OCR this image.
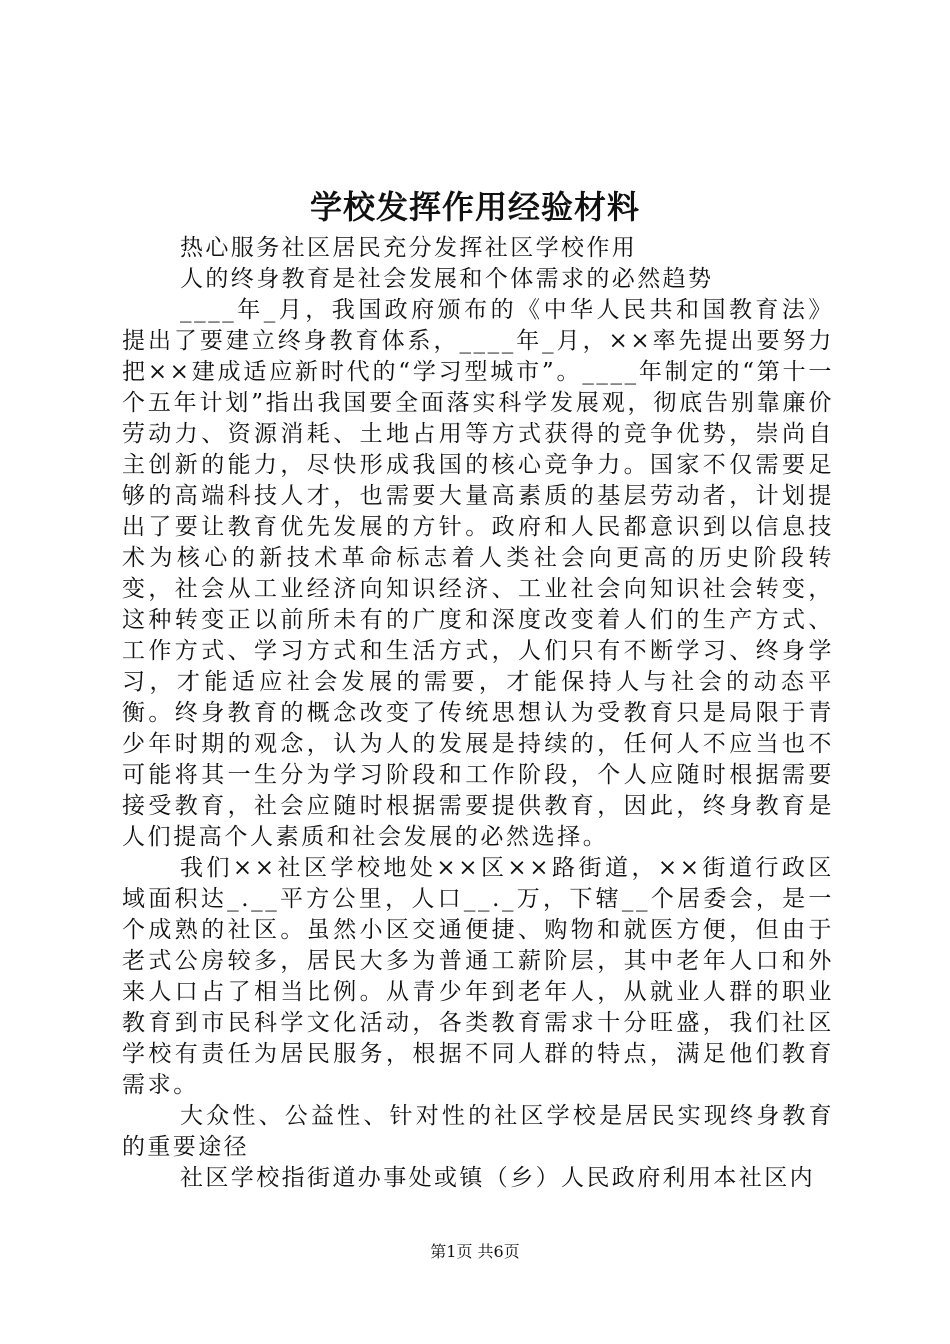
学校发挥作用经验材料

热心服务社区居民充分发挥社区学校作用

人的终身教育是社会发展和个体需求的必然趋势

____年_月，我国政府颁布的《中华人民共和国教育法》提出了要建立终身教育体系，____年_月，××率先提出要努力把××建成适应新时代的“学习型城市”。____年制定的“第十一个五年计划”指出我国要全面落实科学发展观，彻底告别靠廉价劳动力、资源消耗、土地占用等方式获得的竞争优势，崇尚自主创新的能力，尽快形成我国的核心竞争力。国家不仅需要足够的高端科技人才，也需要大量高素质的基层劳动者，计划提出了要让教育优先发展的方针。政府和人民都意识到以信息技术为核心的新技术革命标志着人类社会向更高的历史阶段转变，社会从工业经济向知识经济、工业社会向知识社会转变，这种转变正以前所未有的广度和深度改变着人们的生产方式、工作方式、学习方式和生活方式，人们只有不断学习、终身学习，才能适应社会发展的需要，才能保持人与社会的动态平衡。终身教育的概念改变了传统思想认为受教育只是局限于青少年时期的观念，认为人的发展是持续的，任何人不应当也不可能将其一生分为学习阶段和工作阶段，个人应随时根据需要接受教育，社会应随时根据需要提供教育，因此，终身教育是人们提高个人素质和社会发展的必然选择。

我们××社区学校地处××区××路街道，××街道行政区域面积达_.__平方公里，人口__._万，下辖__个居委会，是一个成熟的社区。虽然小区交通便捷、购物和就医方便，但由于老式公房较多，居民大多为普通工薪阶层，其中老年人口和外来人口占了相当比例。从青少年到老年人，从就业人群的职业教育到市民科学文化活动，各类教育需求十分旺盛，我们社区学校有责任为居民服务，根据不同人群的特点，满足他们教育需求。

大众性、公益性、针对性的社区学校是居民实现终身教育的重要途径

社区学校指街道办事处或镇（乡）人民政府利用本社区内

第1页 共6页
